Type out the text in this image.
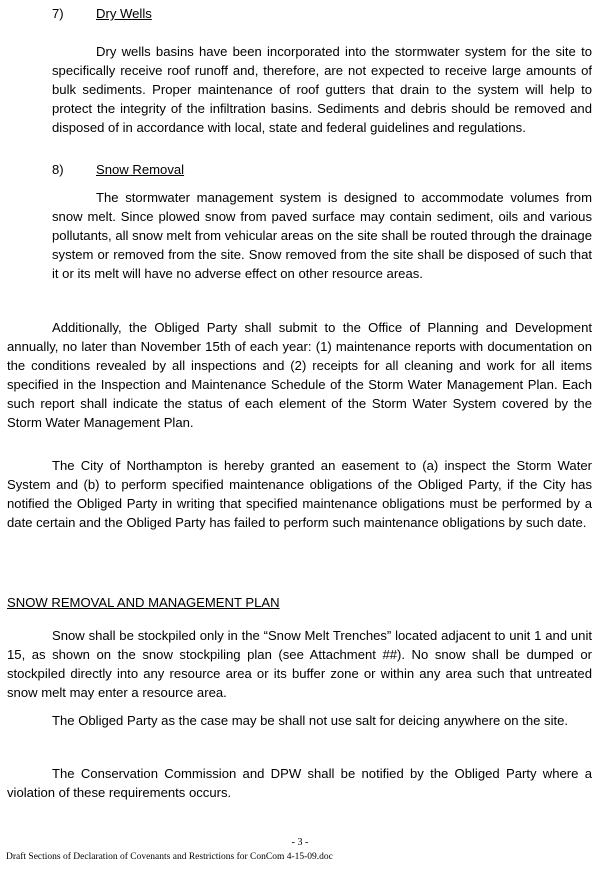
7) Dry Wells
Dry wells basins have been incorporated into the stormwater system for the site to specifically receive roof runoff and, therefore, are not expected to receive large amounts of bulk sediments. Proper maintenance of roof gutters that drain to the system will help to protect the integrity of the infiltration basins. Sediments and debris should be removed and disposed of in accordance with local, state and federal guidelines and regulations.
8) Snow Removal
The stormwater management system is designed to accommodate volumes from snow melt. Since plowed snow from paved surface may contain sediment, oils and various pollutants, all snow melt from vehicular areas on the site shall be routed through the drainage system or removed from the site. Snow removed from the site shall be disposed of such that it or its melt will have no adverse effect on other resource areas.
Additionally, the Obliged Party shall submit to the Office of Planning and Development annually, no later than November 15th of each year: (1) maintenance reports with documentation on the conditions revealed by all inspections and (2) receipts for all cleaning and work for all items specified in the Inspection and Maintenance Schedule of the Storm Water Management Plan. Each such report shall indicate the status of each element of the Storm Water System covered by the Storm Water Management Plan.
The City of Northampton is hereby granted an easement to (a) inspect the Storm Water System and (b) to perform specified maintenance obligations of the Obliged Party, if the City has notified the Obliged Party in writing that specified maintenance obligations must be performed by a date certain and the Obliged Party has failed to perform such maintenance obligations by such date.
SNOW REMOVAL AND MANAGEMENT PLAN
Snow shall be stockpiled only in the “Snow Melt Trenches” located adjacent to unit 1 and unit 15, as shown on the snow stockpiling plan (see Attachment ##). No snow shall be dumped or stockpiled directly into any resource area or its buffer zone or within any area such that untreated snow melt may enter a resource area.
The Obliged Party as the case may be shall not use salt for deicing anywhere on the site.
The Conservation Commission and DPW shall be notified by the Obliged Party where a violation of these requirements occurs.
- 3 -
Draft Sections of Declaration of Covenants and Restrictions for ConCom 4-15-09.doc
